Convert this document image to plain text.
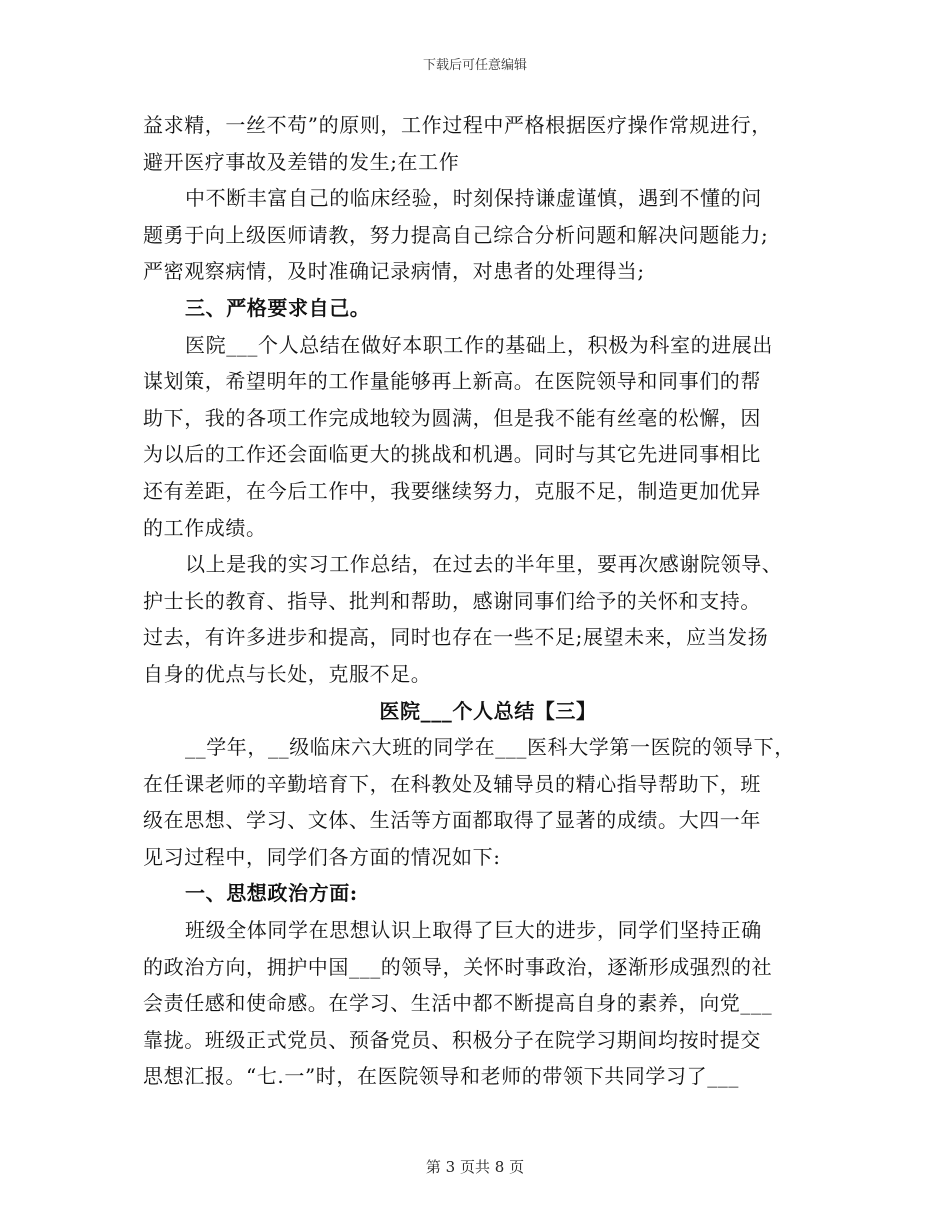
下载后可任意编辑
益求精，一丝不苟”的原则，工作过程中严格根据医疗操作常规进行，
避开医疗事故及差错的发生;在工作
中不断丰富自己的临床经验，时刻保持谦虚谨慎，遇到不懂的问
题勇于向上级医师请教，努力提高自己综合分析问题和解决问题能力;
严密观察病情，及时准确记录病情，对患者的处理得当;
三、严格要求自己。
医院___个人总结在做好本职工作的基础上，积极为科室的进展出
谋划策，希望明年的工作量能够再上新高。在医院领导和同事们的帮
助下，我的各项工作完成地较为圆满，但是我不能有丝毫的松懈，因
为以后的工作还会面临更大的挑战和机遇。同时与其它先进同事相比
还有差距，在今后工作中，我要继续努力，克服不足，制造更加优异
的工作成绩。
以上是我的实习工作总结，在过去的半年里，要再次感谢院领导、
护士长的教育、指导、批判和帮助，感谢同事们给予的关怀和支持。
过去，有许多进步和提高，同时也存在一些不足;展望未来，应当发扬
自身的优点与长处，克服不足。
医院___个人总结【三】
__学年，__级临床六大班的同学在___医科大学第一医院的领导下，
在任课老师的辛勤培育下，在科教处及辅导员的精心指导帮助下，班
级在思想、学习、文体、生活等方面都取得了显著的成绩。大四一年
见习过程中，同学们各方面的情况如下:
一、思想政治方面:
班级全体同学在思想认识上取得了巨大的进步，同学们坚持正确
的政治方向，拥护中国___的领导，关怀时事政治，逐渐形成强烈的社
会责任感和使命感。在学习、生活中都不断提高自身的素养，向党___
靠拢。班级正式党员、预备党员、积极分子在院学习期间均按时提交
思想汇报。“七.一”时，在医院领导和老师的带领下共同学习了___
第 3 页共 8 页
